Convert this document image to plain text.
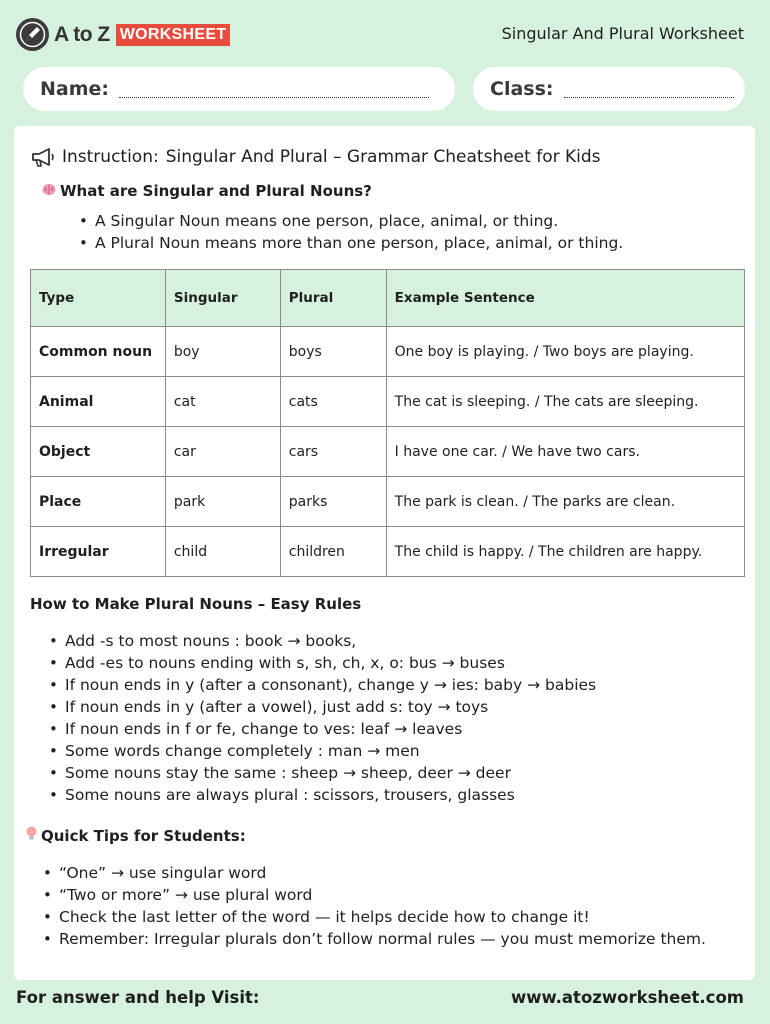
A to Z WORKSHEET	Singular And Plural Worksheet
Name:	Class:
Instruction: Singular And Plural – Grammar Cheatsheet for Kids
What are Singular and Plural Nouns?
• A Singular Noun means one person, place, animal, or thing.
• A Plural Noun means more than one person, place, animal, or thing.
Type	Singular	Plural	Example Sentence
Common noun	boy	boys	One boy is playing. / Two boys are playing.
Animal	cat	cats	The cat is sleeping. / The cats are sleeping.
Object	car	cars	I have one car. / We have two cars.
Place	park	parks	The park is clean. / The parks are clean.
Irregular	child	children	The child is happy. / The children are happy.
How to Make Plural Nouns – Easy Rules
• Add -s to most nouns : book → books,
• Add -es to nouns ending with s, sh, ch, x, o: bus → buses
• If noun ends in y (after a consonant), change y → ies: baby → babies
• If noun ends in y (after a vowel), just add s: toy → toys
• If noun ends in f or fe, change to ves: leaf → leaves
• Some words change completely : man → men
• Some nouns stay the same : sheep → sheep, deer → deer
• Some nouns are always plural : scissors, trousers, glasses
Quick Tips for Students:
• “One” → use singular word
• “Two or more” → use plural word
• Check the last letter of the word — it helps decide how to change it!
• Remember: Irregular plurals don’t follow normal rules — you must memorize them.
For answer and help Visit:	www.atozworksheet.com
